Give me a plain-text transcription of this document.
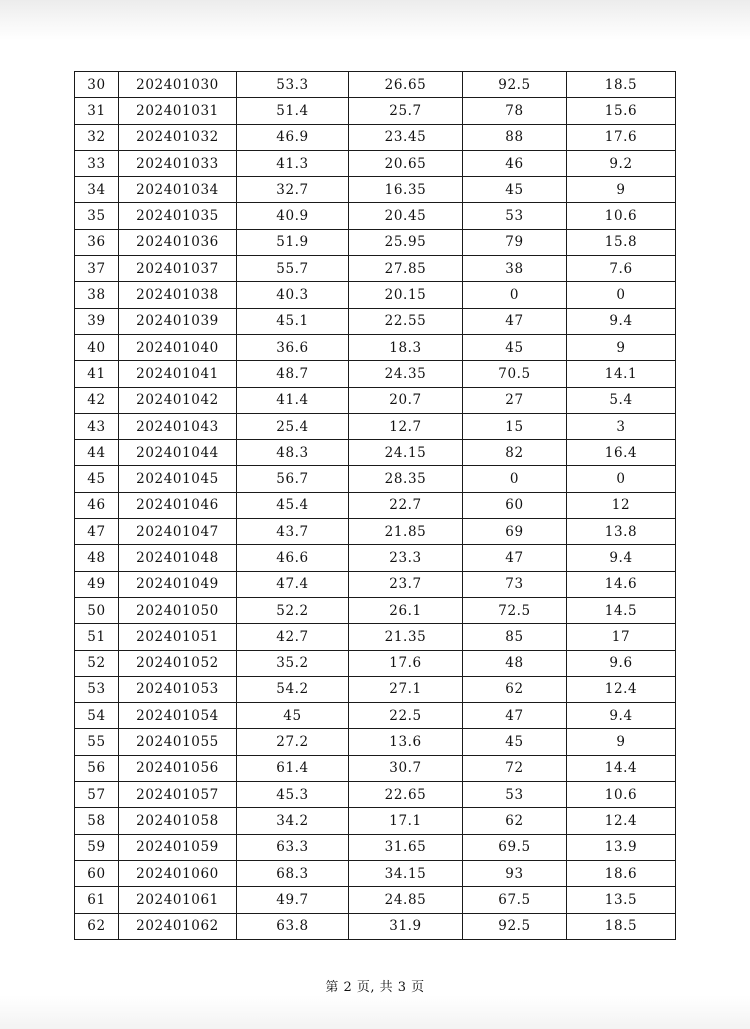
30	202401030	53.3	26.65	92.5	18.5
31	202401031	51.4	25.7	78	15.6
32	202401032	46.9	23.45	88	17.6
33	202401033	41.3	20.65	46	9.2
34	202401034	32.7	16.35	45	9
35	202401035	40.9	20.45	53	10.6
36	202401036	51.9	25.95	79	15.8
37	202401037	55.7	27.85	38	7.6
38	202401038	40.3	20.15	0	0
39	202401039	45.1	22.55	47	9.4
40	202401040	36.6	18.3	45	9
41	202401041	48.7	24.35	70.5	14.1
42	202401042	41.4	20.7	27	5.4
43	202401043	25.4	12.7	15	3
44	202401044	48.3	24.15	82	16.4
45	202401045	56.7	28.35	0	0
46	202401046	45.4	22.7	60	12
47	202401047	43.7	21.85	69	13.8
48	202401048	46.6	23.3	47	9.4
49	202401049	47.4	23.7	73	14.6
50	202401050	52.2	26.1	72.5	14.5
51	202401051	42.7	21.35	85	17
52	202401052	35.2	17.6	48	9.6
53	202401053	54.2	27.1	62	12.4
54	202401054	45	22.5	47	9.4
55	202401055	27.2	13.6	45	9
56	202401056	61.4	30.7	72	14.4
57	202401057	45.3	22.65	53	10.6
58	202401058	34.2	17.1	62	12.4
59	202401059	63.3	31.65	69.5	13.9
60	202401060	68.3	34.15	93	18.6
61	202401061	49.7	24.85	67.5	13.5
62	202401062	63.8	31.9	92.5	18.5
第 2 页, 共 3 页
